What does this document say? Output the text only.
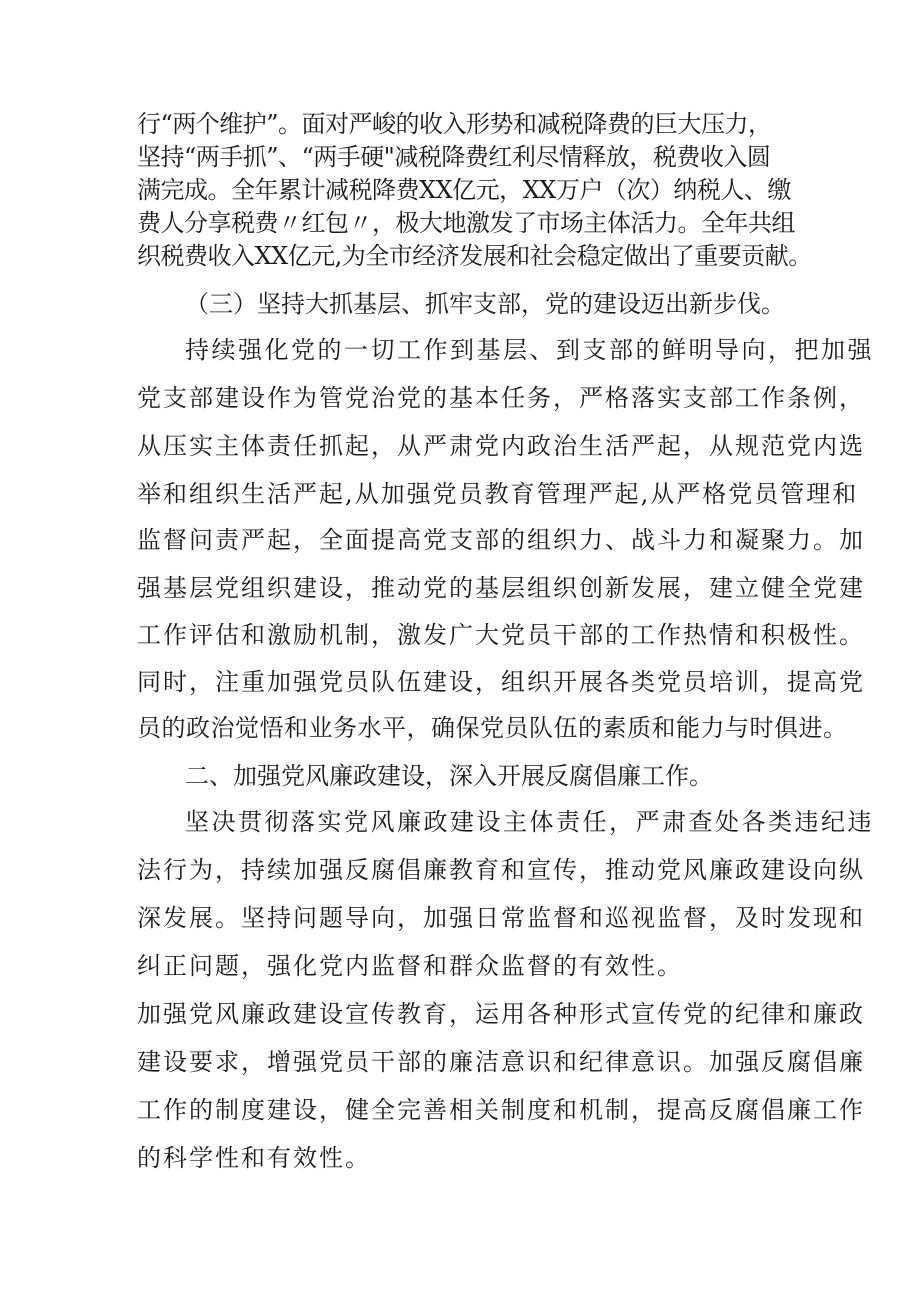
行“两个维护”。面对严峻的收入形势和减税降费的巨大压力，

坚持“两手抓”、“两手硬"减税降费红利尽情释放，税费收入圆

满完成。全年累计减税降费XX亿元，XX万户（次）纳税人、缴

费人分享税费〃红包〃，极大地激发了市场主体活力。全年共组

织税费收入XX亿元,为全市经济发展和社会稳定做出了重要贡献。

（三）坚持大抓基层、抓牢支部，党的建设迈出新步伐。

持续强化党的一切工作到基层、到支部的鲜明导向，把加强

党支部建设作为管党治党的基本任务，严格落实支部工作条例，

从压实主体责任抓起，从严肃党内政治生活严起，从规范党内选

举和组织生活严起,从加强党员教育管理严起,从严格党员管理和

监督问责严起，全面提高党支部的组织力、战斗力和凝聚力。加

强基层党组织建设，推动党的基层组织创新发展，建立健全党建

工作评估和激励机制，激发广大党员干部的工作热情和积极性。

同时，注重加强党员队伍建设，组织开展各类党员培训，提高党

员的政治觉悟和业务水平，确保党员队伍的素质和能力与时俱进。

二、加强党风廉政建设，深入开展反腐倡廉工作。

坚决贯彻落实党风廉政建设主体责任，严肃查处各类违纪违

法行为，持续加强反腐倡廉教育和宣传，推动党风廉政建设向纵

深发展。坚持问题导向，加强日常监督和巡视监督，及时发现和

纠正问题，强化党内监督和群众监督的有效性。

加强党风廉政建设宣传教育，运用各种形式宣传党的纪律和廉政

建设要求，增强党员干部的廉洁意识和纪律意识。加强反腐倡廉

工作的制度建设，健全完善相关制度和机制，提高反腐倡廉工作

的科学性和有效性。
